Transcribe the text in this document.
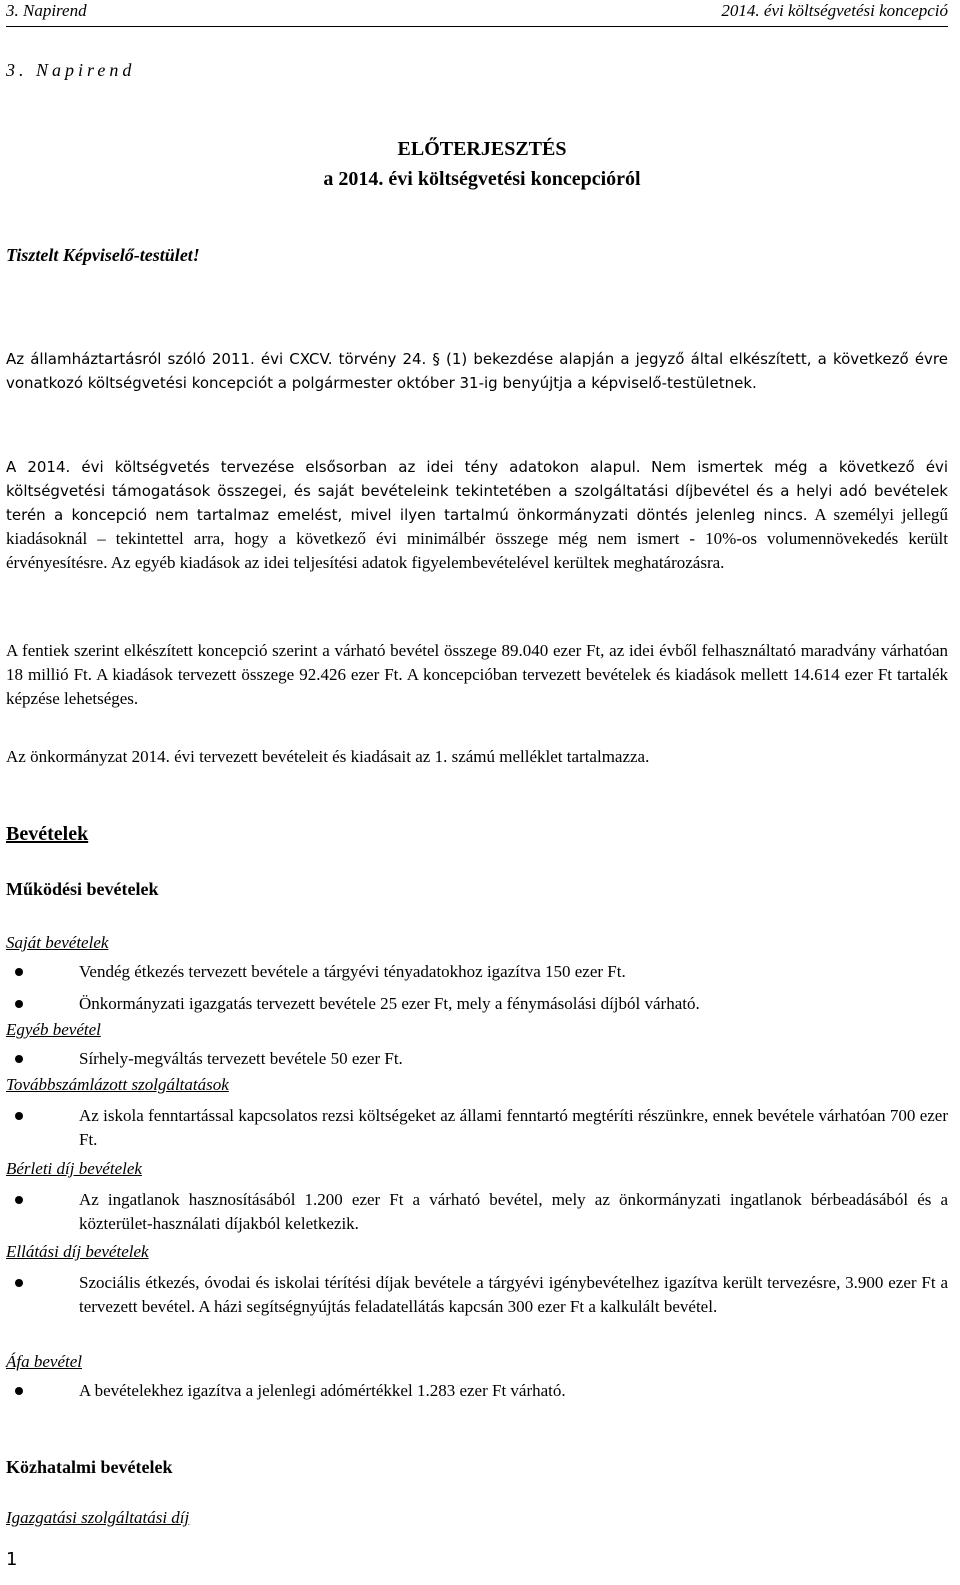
3. Napirend	2014. évi költségvetési koncepció
3. Napirend
ELŐTERJESZTÉS
a 2014. évi költségvetési koncepcióról
Tisztelt Képviselő-testület!
Az államháztartásról szóló 2011. évi CXCV. törvény 24. § (1) bekezdése alapján a jegyző által elkészített, a következő évre vonatkozó költségvetési koncepciót a polgármester október 31-ig benyújtja a képviselő-testületnek.
A 2014. évi költségvetés tervezése elsősorban az idei tény adatokon alapul. Nem ismertek még a következő évi költségvetési támogatások összegei, és saját bevételeink tekintetében a szolgáltatási díjbevétel és a helyi adó bevételek terén a koncepció nem tartalmaz emelést, mivel ilyen tartalmú önkormányzati döntés jelenleg nincs. A személyi jellegű kiadásoknál – tekintettel arra, hogy a következő évi minimálbér összege még nem ismert - 10%-os volumennövekedés került érvényesítésre. Az egyéb kiadások az idei teljesítési adatok figyelembevételével kerültek meghatározásra.
A fentiek szerint elkészített koncepció szerint a várható bevétel összege 89.040 ezer Ft, az idei évből felhasználtató maradvány várhatóan 18 millió Ft. A kiadások tervezett összege 92.426 ezer Ft. A koncepcióban tervezett bevételek és kiadások mellett 14.614 ezer Ft tartalék képzése lehetséges.
Az önkormányzat 2014. évi tervezett bevételeit és kiadásait az 1. számú melléklet tartalmazza.
Bevételek
Működési bevételek
Saját bevételek
Vendég étkezés tervezett bevétele a tárgyévi tényadatokhoz igazítva 150 ezer Ft.
Önkormányzati igazgatás tervezett bevétele 25 ezer Ft, mely a fénymásolási díjból várható.
Egyéb bevétel
Sírhely-megváltás tervezett bevétele 50 ezer Ft.
Továbbszámlázott szolgáltatások
Az iskola fenntartással kapcsolatos rezsi költségeket az állami fenntartó megtéríti részünkre, ennek bevétele várhatóan 700 ezer Ft.
Bérleti díj bevételek
Az ingatlanok hasznosításából 1.200 ezer Ft a várható bevétel, mely az önkormányzati ingatlanok bérbeadásából és a közterület-használati díjakból keletkezik.
Ellátási díj bevételek
Szociális étkezés, óvodai és iskolai térítési díjak bevétele a tárgyévi igénybevételhez igazítva került tervezésre, 3.900 ezer Ft a tervezett bevétel. A házi segítségnyújtás feladatellátás kapcsán 300 ezer Ft a kalkulált bevétel.
Áfa bevétel
A bevételekhez igazítva a jelenlegi adómértékkel 1.283 ezer Ft várható.
Közhatalmi bevételek
Igazgatási szolgáltatási díj
1
